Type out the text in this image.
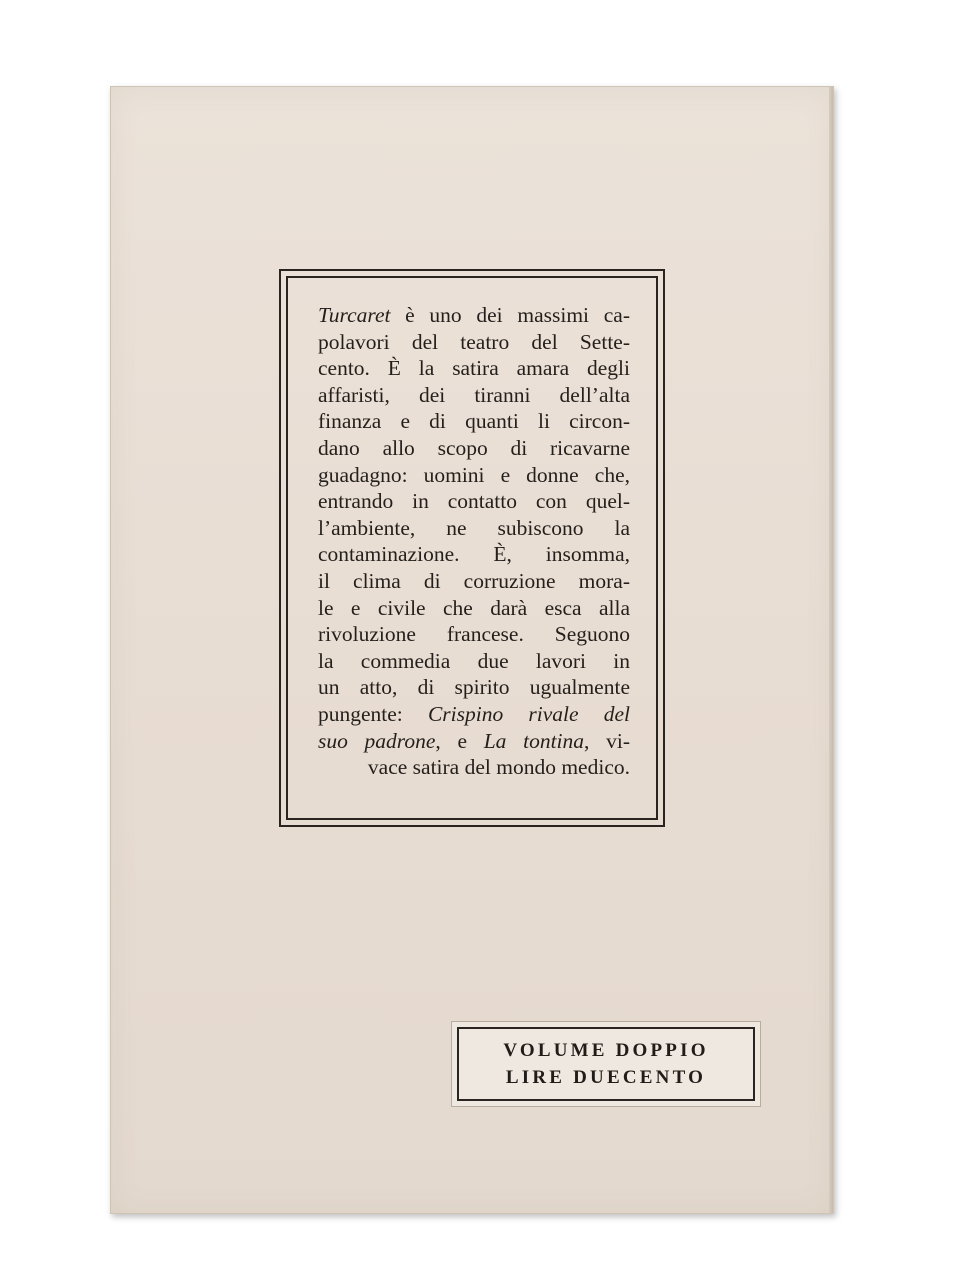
Turcaret è uno dei massimi ca-
polavori del teatro del Sette-
cento. È la satira amara degli
affaristi, dei tiranni dell’alta
finanza e di quanti li circon-
dano allo scopo di ricavarne
guadagno: uomini e donne che,
entrando in contatto con quel-
l’ambiente, ne subiscono la
contaminazione. È, insomma,
il clima di corruzione mora-
le e civile che darà esca alla
rivoluzione francese. Seguono
la commedia due lavori in
un atto, di spirito ugualmente
pungente: Crispino rivale del
suo padrone, e La tontina, vi-
vace satira del mondo medico.

VOLUME DOPPIO
LIRE DUECENTO
